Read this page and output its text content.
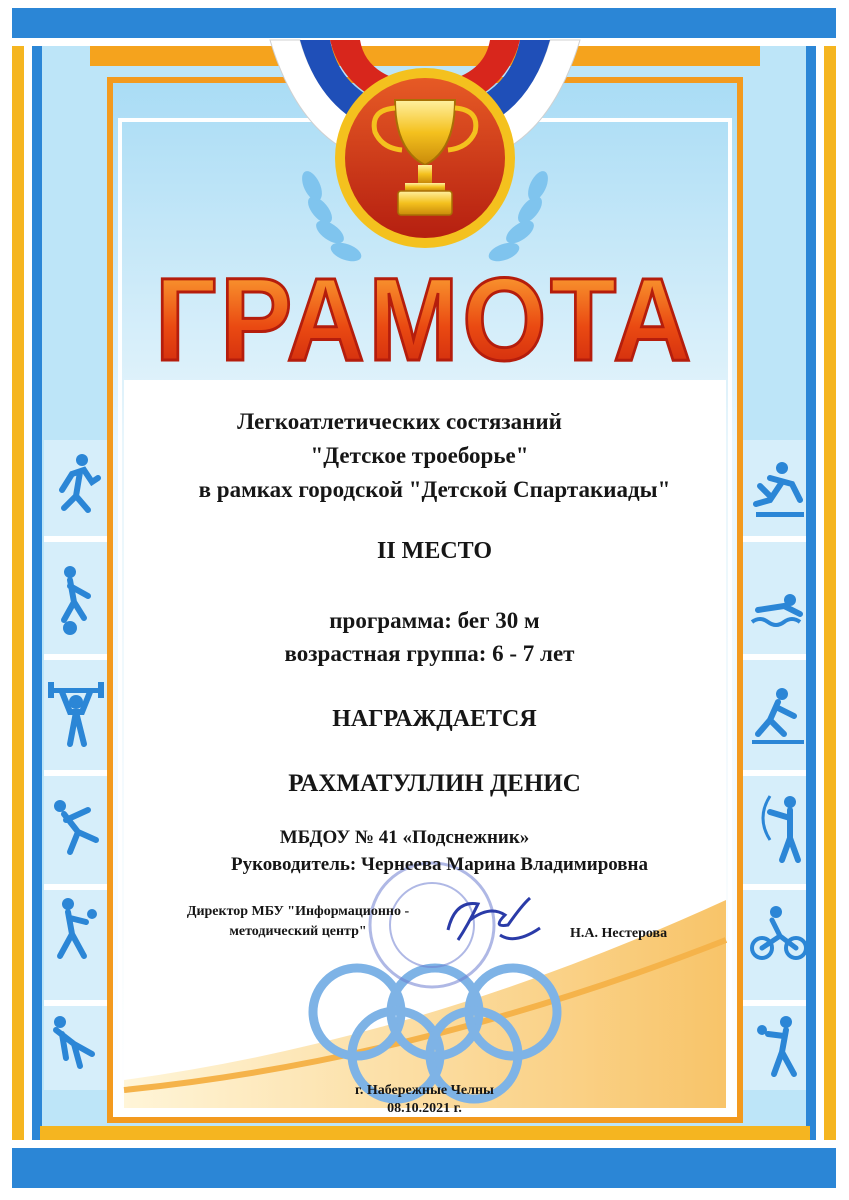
ГРАМОТА

Легкоатлетических состязаний

"Детское троеборье"

в рамках городской "Детской Спартакиады"

II МЕСТО

программа: бег 30 м

возрастная группа: 6 - 7 лет

НАГРАЖДАЕТСЯ

РАХМАТУЛЛИН ДЕНИС

МБДОУ № 41 «Подснежник»

Руководитель: Чернеева Марина Владимировна

Директор МБУ "Информационно -
методический центр"	Н.А. Нестерова

г. Набережные Челны

08.10.2021 г.
